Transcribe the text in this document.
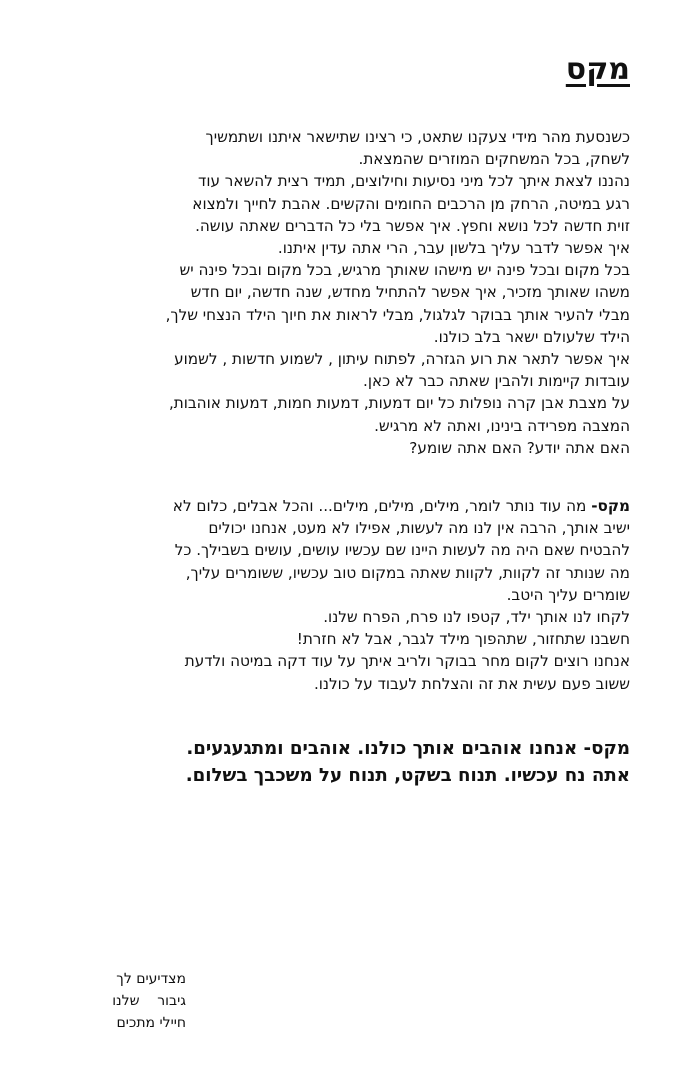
מקס

כשנסעת מהר מידי צעקנו שתאט, כי רצינו שתישאר איתנו ושתמשיך

לשחק, בכל המשחקים המוזרים שהמצאת.

נהננו לצאת איתך לכל מיני נסיעות וחילוצים, תמיד רצית להשאר עוד

רגע במיטה, הרחק מן הרכבים החומים והקשים. אהבת לחייך ולמצוא

זוית חדשה לכל נושא וחפץ. איך אפשר בלי כל הדברים שאתה עושה.

איך אפשר לדבר עליך בלשון עבר, הרי אתה עדין איתנו.

בכל מקום ובכל פינה יש מישהו שאותך מרגיש, בכל מקום ובכל פינה יש

משהו שאותך מזכיר, איך אפשר להתחיל מחדש, שנה חדשה, יום חדש

מבלי להעיר אותך בבוקר לגלגול, מבלי לראות את חיוך הילד הנצחי שלך,

הילד שלעולם ישאר בלב כולנו.

איך אפשר לתאר את רוע הגזרה, לפתוח עיתון , לשמוע חדשות , לשמוע

עובדות קיימות ולהבין שאתה כבר לא כאן.

על מצבת אבן קרה נופלות כל יום דמעות, דמעות חמות, דמעות אוהבות,

המצבה מפרידה בינינו, ואתה לא מרגיש.

האם אתה יודע? האם אתה שומע?

מקס- מה עוד נותר לומר, מילים, מילים, מילים... והכל אבלים, כלום לא

ישיב אותך, הרבה אין לנו מה לעשות, אפילו לא מעט, אנחנו יכולים

להבטיח שאם היה מה לעשות היינו שם עכשיו עושים, עושים בשבילך. כל

מה שנותר זה לקוות, לקוות שאתה במקום טוב עכשיו, ששומרים עליך,

שומרים עליך היטב.

לקחו לנו אותך ילד, קטפו לנו פרח, הפרח שלנו.

חשבנו שתחזור, שתהפוך מילד לגבר, אבל לא חזרת!

אנחנו רוצים לקום מחר בבוקר ולריב איתך על עוד דקה במיטה ולדעת

ששוב פעם עשית את זה והצלחת לעבוד על כולנו.

מקס- אנחנו אוהבים אותך כולנו. אוהבים ומתגעגעים.

אתה נח עכשיו. תנוח בשקט, תנוח על משכבך בשלום.

מצדיעים לך
גיבור    שלנו
חיילי מתכים
